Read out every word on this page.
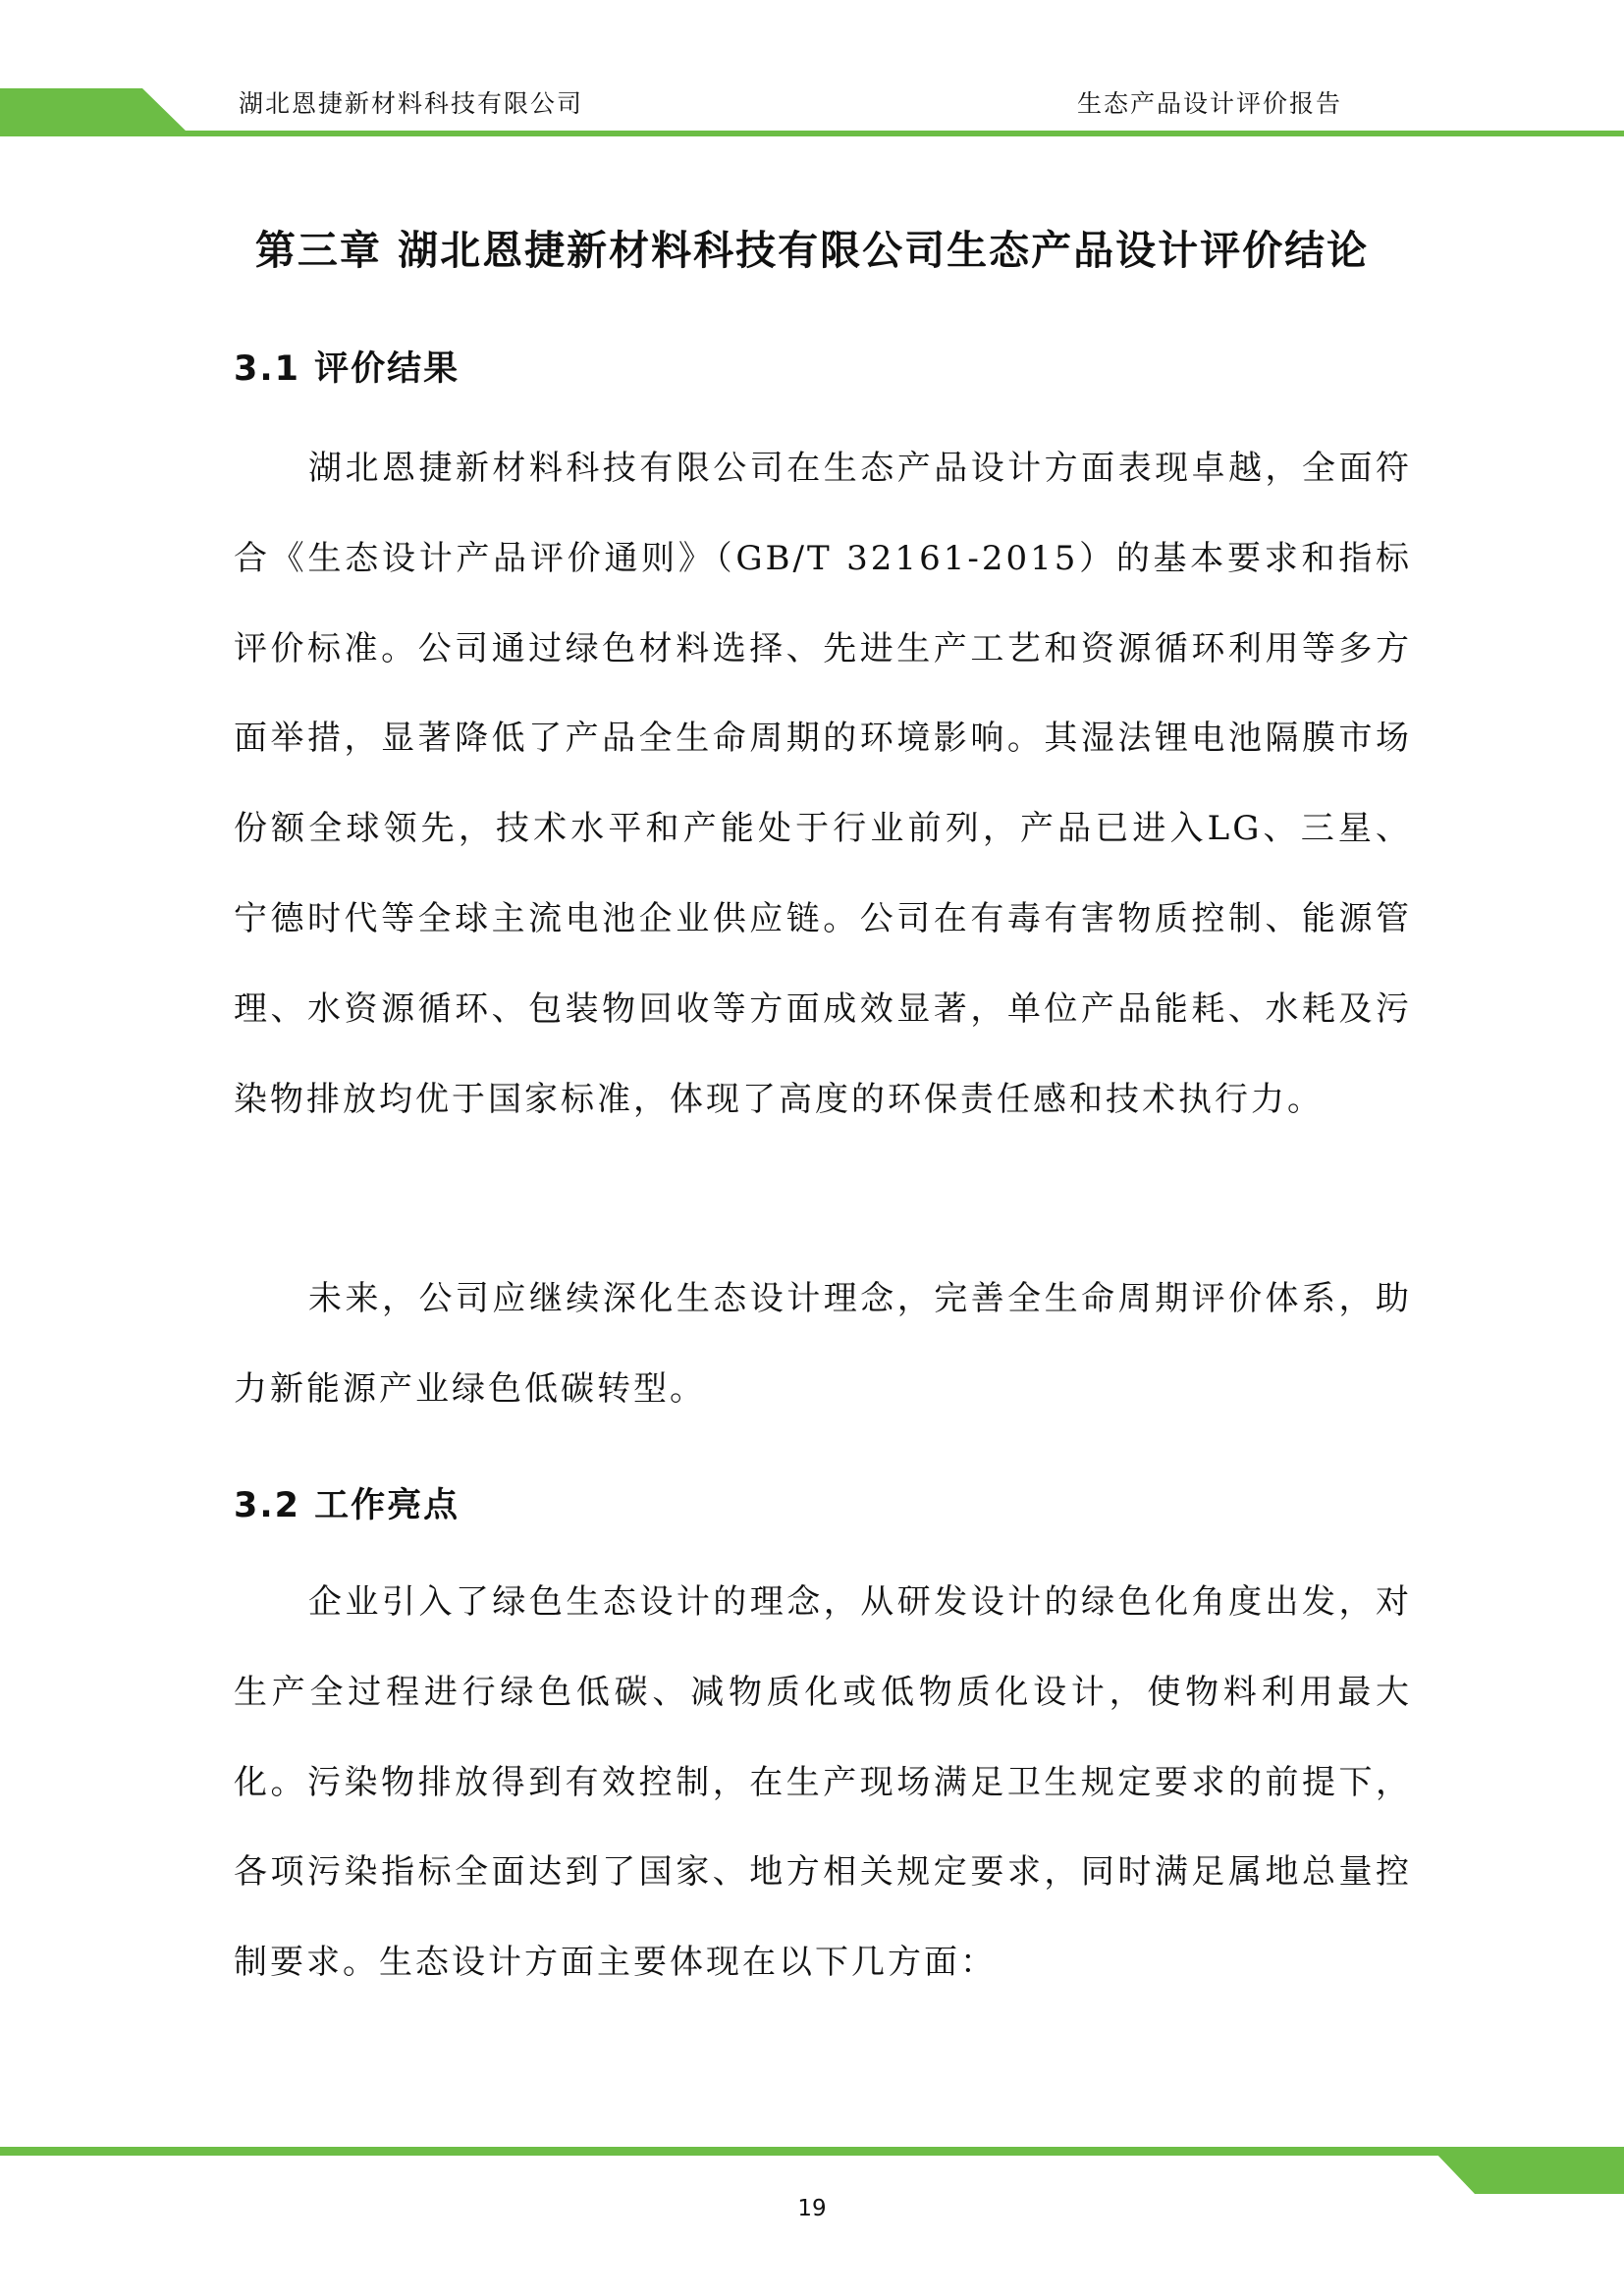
湖北恩捷新材料科技有限公司	生态产品设计评价报告
第三章 湖北恩捷新材料科技有限公司生态产品设计评价结论
3.1 评价结果

湖北恩捷新材料科技有限公司在生态产品设计方面表现卓越，全面符合《生态设计产品评价通则》（GB/T 32161-2015）的基本要求和指标评价标准。公司通过绿色材料选择、先进生产工艺和资源循环利用等多方面举措，显著降低了产品全生命周期的环境影响。其湿法锂电池隔膜市场份额全球领先，技术水平和产能处于行业前列，产品已进入LG、三星、宁德时代等全球主流电池企业供应链。公司在有毒有害物质控制、能源管理、水资源循环、包装物回收等方面成效显著，单位产品能耗、水耗及污染物排放均优于国家标准，体现了高度的环保责任感和技术执行力。

未来，公司应继续深化生态设计理念，完善全生命周期评价体系，助力新能源产业绿色低碳转型。

3.2 工作亮点

企业引入了绿色生态设计的理念，从研发设计的绿色化角度出发，对生产全过程进行绿色低碳、减物质化或低物质化设计，使物料利用最大化。污染物排放得到有效控制，在生产现场满足卫生规定要求的前提下，各项污染指标全面达到了国家、地方相关规定要求，同时满足属地总量控制要求。生态设计方面主要体现在以下几方面：

19
